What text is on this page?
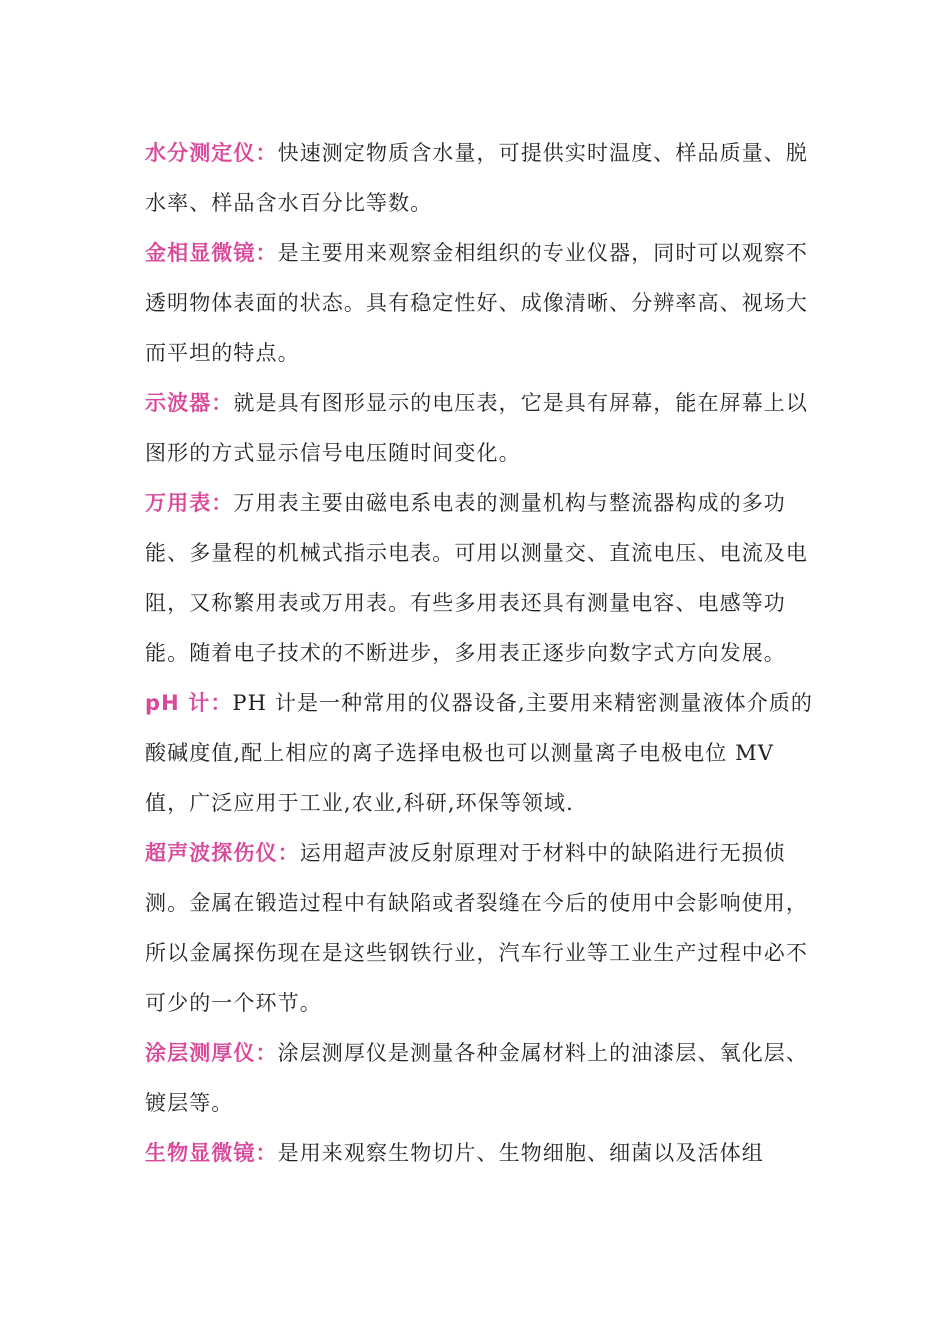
水分测定仪：快速测定物质含水量，可提供实时温度、样品质量、脱水率、样品含水百分比等数。

金相显微镜：是主要用来观察金相组织的专业仪器，同时可以观察不透明物体表面的状态。具有稳定性好、成像清晰、分辨率高、视场大而平坦的特点。

示波器：就是具有图形显示的电压表，它是具有屏幕，能在屏幕上以图形的方式显示信号电压随时间变化。

万用表：万用表主要由磁电系电表的测量机构与整流器构成的多功能、多量程的机械式指示电表。可用以测量交、直流电压、电流及电阻，又称繁用表或万用表。有些多用表还具有测量电容、电感等功能。随着电子技术的不断进步，多用表正逐步向数字式方向发展。

pH 计：PH 计是一种常用的仪器设备,主要用来精密测量液体介质的酸碱度值,配上相应的离子选择电极也可以测量离子电极电位 MV 值，广泛应用于工业,农业,科研,环保等领域.

超声波探伤仪：运用超声波反射原理对于材料中的缺陷进行无损侦测。金属在锻造过程中有缺陷或者裂缝在今后的使用中会影响使用，所以金属探伤现在是这些钢铁行业，汽车行业等工业生产过程中必不可少的一个环节。

涂层测厚仪：涂层测厚仪是测量各种金属材料上的油漆层、氧化层、镀层等。

生物显微镜：是用来观察生物切片、生物细胞、细菌以及活体组
